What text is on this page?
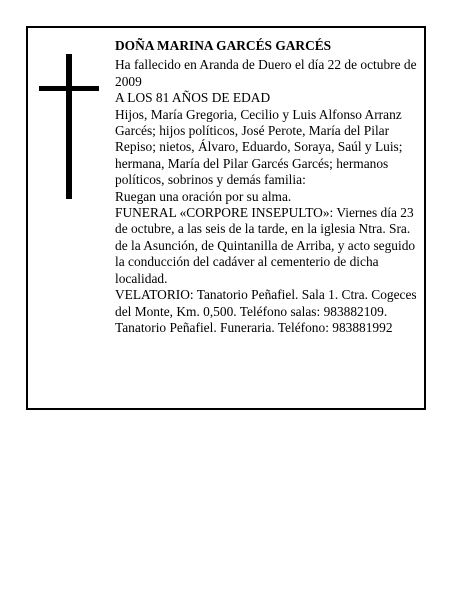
DOÑA MARINA GARCÉS GARCÉS

Ha fallecido en Aranda de Duero el día 22 de octubre de 2009

A LOS 81 AÑOS DE EDAD

Hijos, María Gregoria, Cecilio y Luis Alfonso Arranz Garcés; hijos políticos, José Perote, María del Pilar Repiso; nietos, Álvaro, Eduardo, Soraya, Saúl y Luis; hermana, María del Pilar Garcés Garcés; hermanos políticos, sobrinos y demás familia:

Ruegan una oración por su alma.

FUNERAL «CORPORE INSEPULTO»: Viernes día 23 de octubre, a las seis de la tarde, en la iglesia Ntra. Sra. de la Asunción, de Quintanilla de Arriba, y acto seguido la conducción del cadáver al cementerio de dicha localidad.

VELATORIO: Tanatorio Peñafiel. Sala 1. Ctra. Cogeces del Monte, Km. 0,500. Teléfono salas: 983882109.

Tanatorio Peñafiel. Funeraria. Teléfono: 983881992
